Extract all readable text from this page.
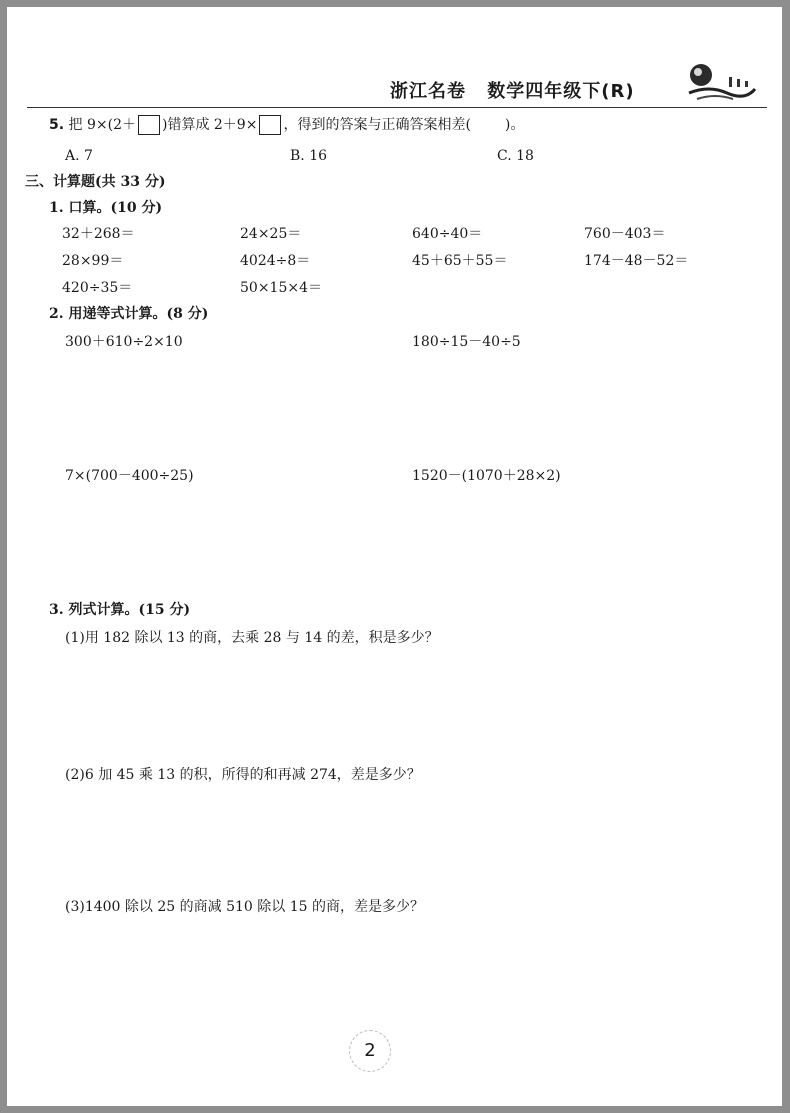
浙江名卷 数学四年级下(R)
5. 把 9×(2＋ )错算成 2＋9× ，得到的答案与正确答案相差( )。
A. 7	B. 16	C. 18
三、计算题(共 33 分)
1. 口算。(10 分)
32＋268＝	24×25＝	640÷40＝	760－403＝
28×99＝	4024÷8＝	45＋65＋55＝	174－48－52＝
420÷35＝	50×15×4＝
2. 用递等式计算。(8 分)
300＋610÷2×10	180÷15－40÷5
7×(700－400÷25)	1520－(1070＋28×2)
3. 列式计算。(15 分)
(1)用 182 除以 13 的商，去乘 28 与 14 的差，积是多少？
(2)6 加 45 乘 13 的积，所得的和再减 274，差是多少？
(3)1400 除以 25 的商减 510 除以 15 的商，差是多少？
2
